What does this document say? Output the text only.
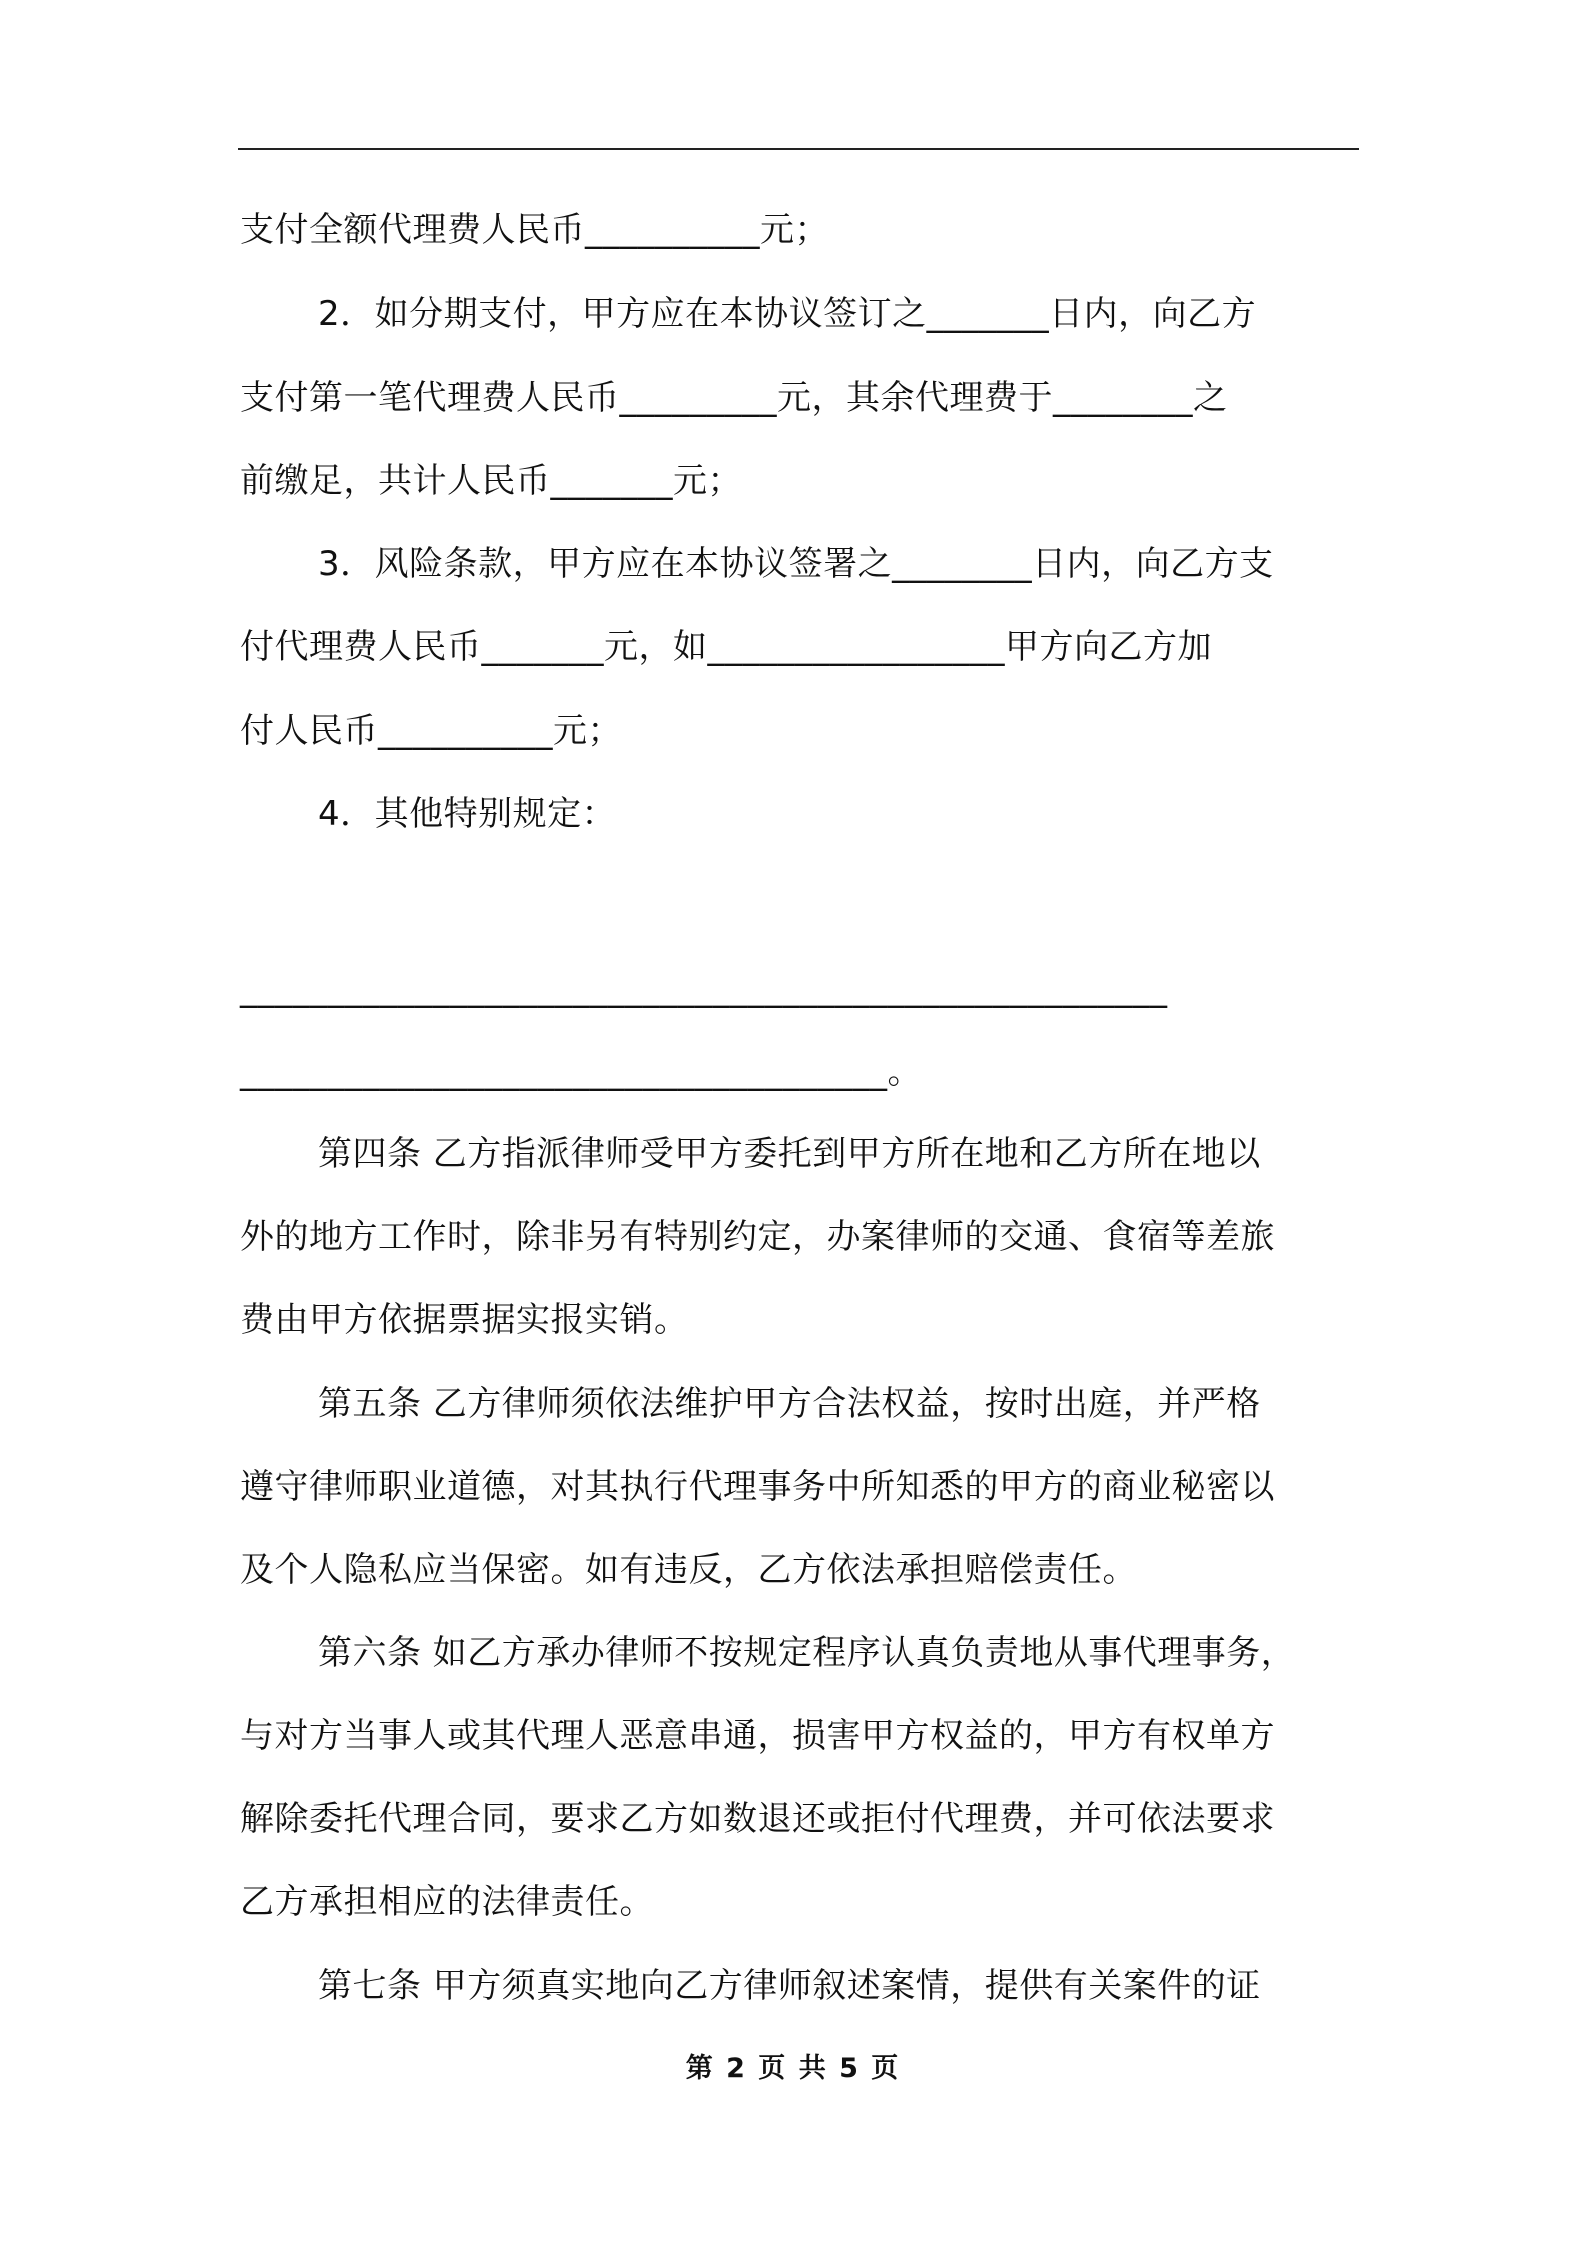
支付全额代理费人民币__________元；
2．如分期支付，甲方应在本协议签订之_______日内，向乙方
支付第一笔代理费人民币_________元，其余代理费于________之
前缴足，共计人民币_______元；
3．风险条款，甲方应在本协议签署之________日内，向乙方支
付代理费人民币_______元，如_________________甲方向乙方加
付人民币__________元；
4．其他特别规定：
_____________________________________________________
_____________________________________。
第四条 乙方指派律师受甲方委托到甲方所在地和乙方所在地以
外的地方工作时，除非另有特别约定，办案律师的交通、食宿等差旅
费由甲方依据票据实报实销。
第五条 乙方律师须依法维护甲方合法权益，按时出庭，并严格
遵守律师职业道德，对其执行代理事务中所知悉的甲方的商业秘密以
及个人隐私应当保密。如有违反，乙方依法承担赔偿责任。
第六条 如乙方承办律师不按规定程序认真负责地从事代理事务，
与对方当事人或其代理人恶意串通，损害甲方权益的，甲方有权单方
解除委托代理合同，要求乙方如数退还或拒付代理费，并可依法要求
乙方承担相应的法律责任。
第七条 甲方须真实地向乙方律师叙述案情，提供有关案件的证
第 2 页 共 5 页
